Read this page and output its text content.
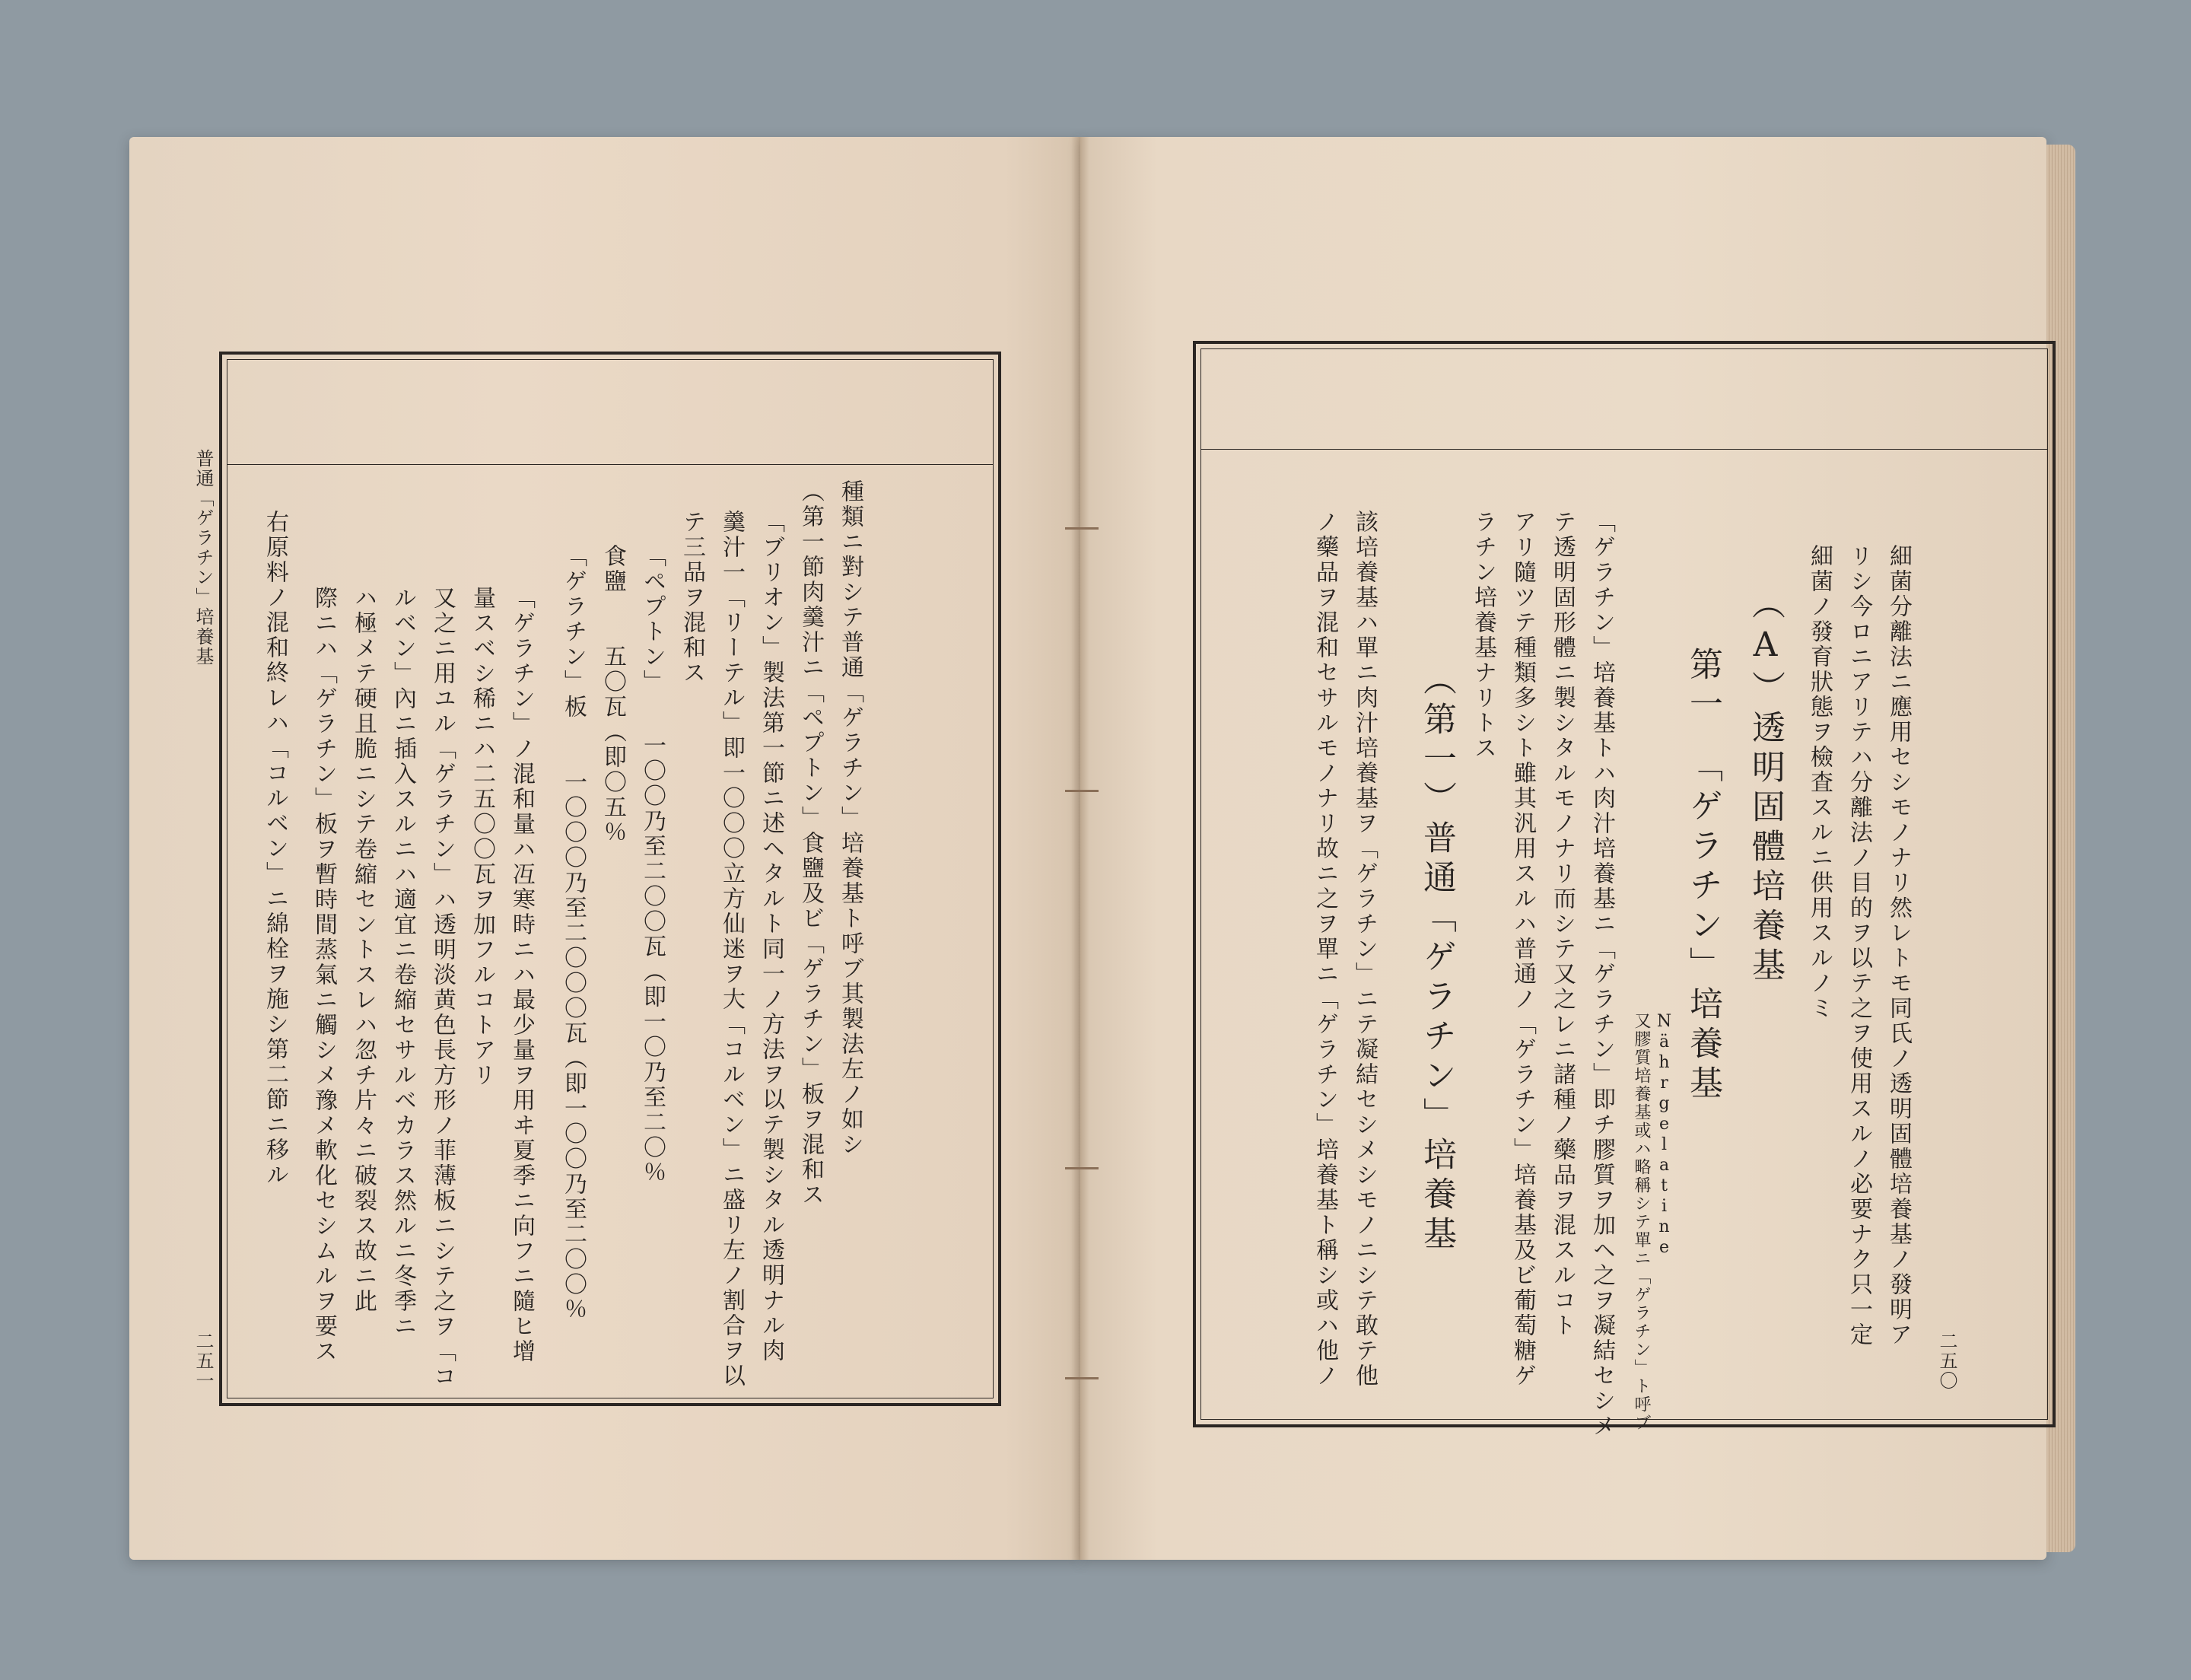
普通「ゲラチン」培養基
二五一
種類ニ對シテ普通「ゲラチン」培養基ト呼ブ其製法左ノ如シ
（第一節肉羹汁ニ「ペプトン」食鹽及ビ「ゲラチン」板ヲ混和ス
「ブリオン」製法第一節ニ述ヘタルト同一ノ方法ヲ以テ製シタル透明ナル肉
羹汁一「リーテル」即一〇〇〇立方仙迷ヲ大「コルベン」ニ盛リ左ノ割合ヲ以
テ三品ヲ混和ス
「ペプトン」　　一〇〇乃至二〇〇瓦（即一〇乃至二〇％
食鹽　　五〇瓦（即〇五％
「ゲラチン」板　　一〇〇〇乃至二〇〇〇瓦（即一〇〇乃至二〇〇％
「ゲラチン」ノ混和量ハ冱寒時ニハ最少量ヲ用ヰ夏季ニ向フニ隨ヒ增
量スベシ稀ニハ二五〇〇瓦ヲ加フルコトアリ
又之ニ用ユル「ゲラチン」ハ透明淡黄色長方形ノ菲薄板ニシテ之ヲ「コ
ルベン」內ニ插入スルニハ適宜ニ卷縮セサルベカラス然ルニ冬季ニ
ハ極メテ硬且脆ニシテ卷縮セントスレハ忽チ片々ニ破裂ス故ニ此
際ニハ「ゲラチン」板ヲ暫時間蒸氣ニ觸シメ豫メ軟化セシムルヲ要ス
右原料ノ混和終レハ「コルベン」ニ綿栓ヲ施シ第二節ニ移ル
二五〇
細菌分離法ニ應用セシモノナリ然レトモ同氏ノ透明固體培養基ノ發明ア
リシ今ロニアリテハ分離法ノ目的ヲ以テ之ヲ使用スルノ必要ナク只一定
細菌ノ發育狀態ヲ檢査スルニ供用スルノミ
（A）透明固體培養基
第一　「ゲラチン」培養基
Nährgelatine
又膠質培養基或ハ略稱シテ單ニ「ゲラチン」ト呼ブ
「ゲラチン」培養基トハ肉汁培養基ニ「ゲラチン」即チ膠質ヲ加ヘ之ヲ凝結セシメ
テ透明固形體ニ製シタルモノナリ而シテ又之レニ諸種ノ藥品ヲ混スルコト
アリ隨ツテ種類多シト雖其汎用スルハ普通ノ「ゲラチン」培養基及ビ葡萄糖ゲ
ラチン培養基ナリトス
（第一）普通「ゲラチン」培養基
該培養基ハ單ニ肉汁培養基ヲ「ゲラチン」ニテ凝結セシメシモノニシテ敢テ他
ノ藥品ヲ混和セサルモノナリ故ニ之ヲ單ニ「ゲラチン」培養基ト稱シ或ハ他ノ
